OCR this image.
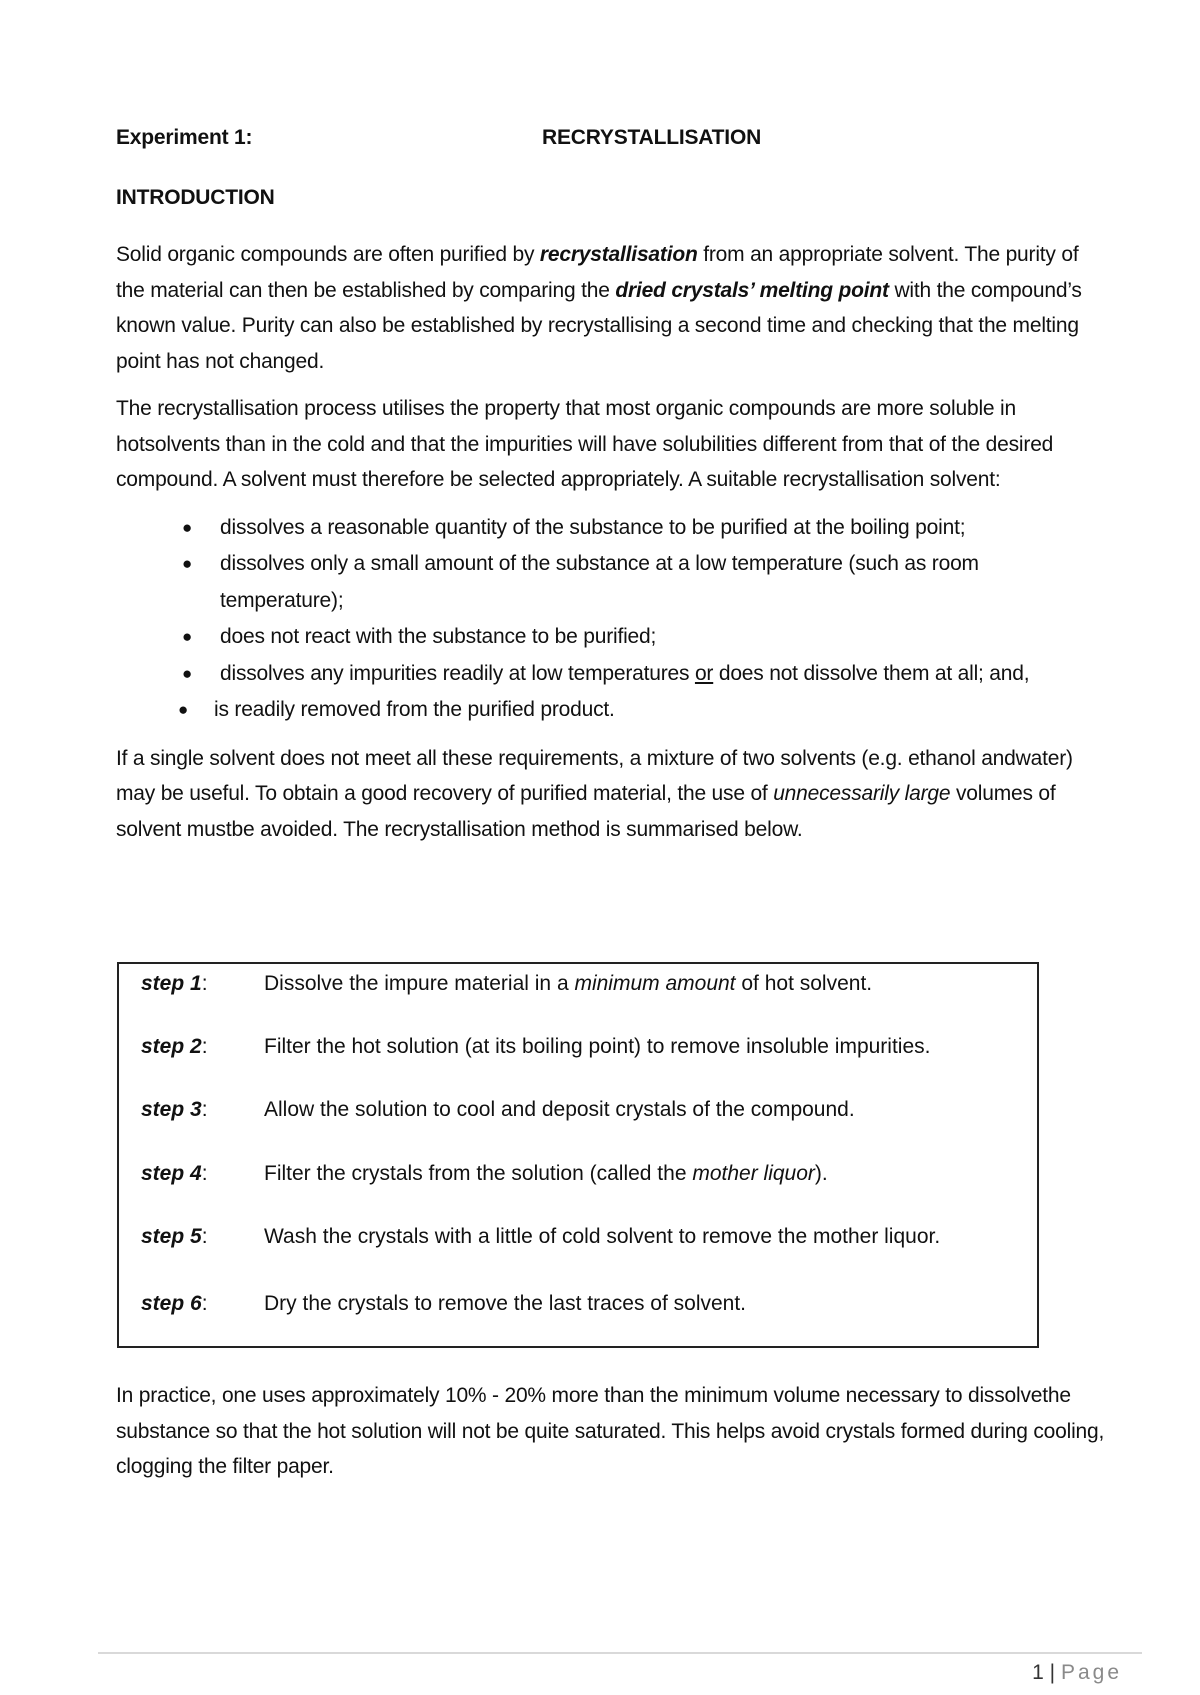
Experiment 1:	RECRYSTALLISATION
INTRODUCTION

Solid organic compounds are often purified by recrystallisation from an appropriate solvent. The purity of the material can then be established by comparing the dried crystals’ melting point with the compound’s known value. Purity can also be established by recrystallising a second time and checking that the melting point has not changed.

The recrystallisation process utilises the property that most organic compounds are more soluble in hotsolvents than in the cold and that the impurities will have solubilities different from that of the desired compound. A solvent must therefore be selected appropriately. A suitable recrystallisation solvent:

● dissolves a reasonable quantity of the substance to be purified at the boiling point;
● dissolves only a small amount of the substance at a low temperature (such as room temperature);
● does not react with the substance to be purified;
● dissolves any impurities readily at low temperatures or does not dissolve them at all; and,
● is readily removed from the purified product.

If a single solvent does not meet all these requirements, a mixture of two solvents (e.g. ethanol andwater) may be useful. To obtain a good recovery of purified material, the use of unnecessarily large volumes of solvent mustbe avoided. The recrystallisation method is summarised below.

step 1:	Dissolve the impure material in a minimum amount of hot solvent.
step 2:	Filter the hot solution (at its boiling point) to remove insoluble impurities.
step 3:	Allow the solution to cool and deposit crystals of the compound.
step 4:	Filter the crystals from the solution (called the mother liquor).
step 5:	Wash the crystals with a little of cold solvent to remove the mother liquor.
step 6:	Dry the crystals to remove the last traces of solvent.

In practice, one uses approximately 10% - 20% more than the minimum volume necessary to dissolvethe substance so that the hot solution will not be quite saturated. This helps avoid crystals formed during cooling, clogging the filter paper.

1 | Page
